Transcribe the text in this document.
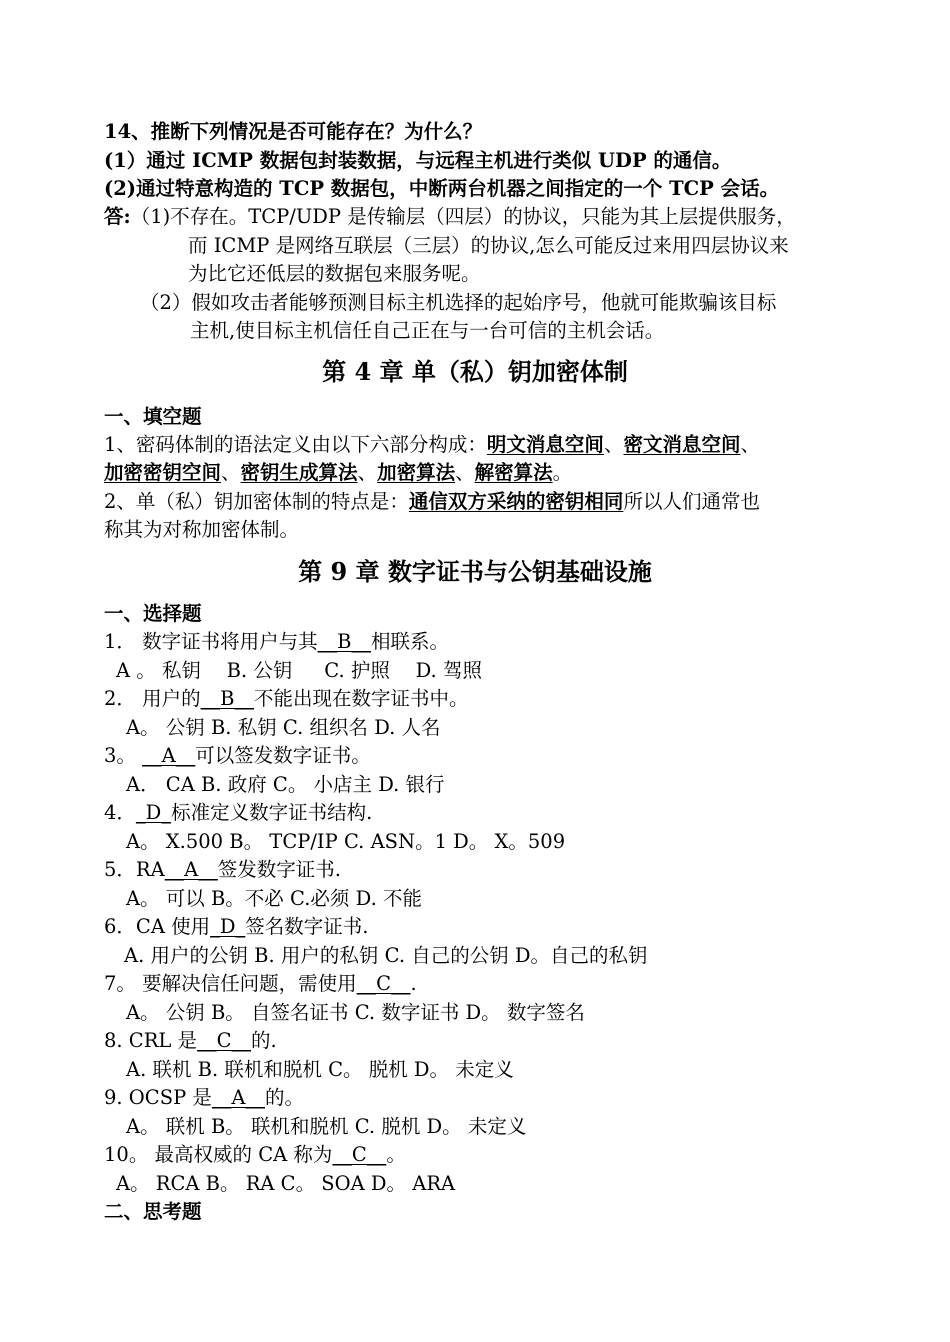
14、推断下列情况是否可能存在？为什么？
(1）通过 ICMP 数据包封装数据，与远程主机进行类似 UDP 的通信。
(2)通过特意构造的 TCP 数据包，中断两台机器之间指定的一个 TCP 会话。
答:（1)不存在。TCP/UDP 是传输层（四层）的协议，只能为其上层提供服务，
而 ICMP 是网络互联层（三层）的协议,怎么可能反过来用四层协议来
为比它还低层的数据包来服务呢。
（2）假如攻击者能够预测目标主机选择的起始序号，他就可能欺骗该目标
主机,使目标主机信任自己正在与一台可信的主机会话。
第 4 章 单（私）钥加密体制
一、填空题
1、密码体制的语法定义由以下六部分构成：明文消息空间、密文消息空间、
加密密钥空间、密钥生成算法、加密算法、解密算法。
2、单（私）钥加密体制的特点是：通信双方采纳的密钥相同所以人们通常也
称其为对称加密体制。
第 9 章 数字证书与公钥基础设施
一、选择题
1． 数字证书将用户与其__B__相联系。
A 。 私钥 　B. 公钥 　 C. 护照 　D. 驾照
2． 用户的__B__不能出现在数字证书中。
A。 公钥 B. 私钥 C. 组织名 D. 人名
3。 __A__可以签发数字证书。
A． CA B. 政府 C。 小店主 D. 银行
4．_D_标准定义数字证书结构.
A。 X.500 B。 TCP/IP C. ASN。1 D。 X。509
5．RA__A__签发数字证书.
A。 可以 B。不必 C.必须 D. 不能
6．CA 使用_D_签名数字证书.
A. 用户的公钥 B. 用户的私钥 C. 自己的公钥 D。自己的私钥
7。 要解决信任问题，需使用__C__.
A。 公钥 B。 自签名证书 C. 数字证书 D。 数字签名
8. CRL 是__C__的.
A. 联机 B. 联机和脱机 C。 脱机 D。 未定义
9. OCSP 是__A__的。
A。 联机 B。 联机和脱机 C. 脱机 D。 未定义
10。 最高权威的 CA 称为__C__。
A。 RCA B。 RA C。 SOA D。 ARA
二、思考题
